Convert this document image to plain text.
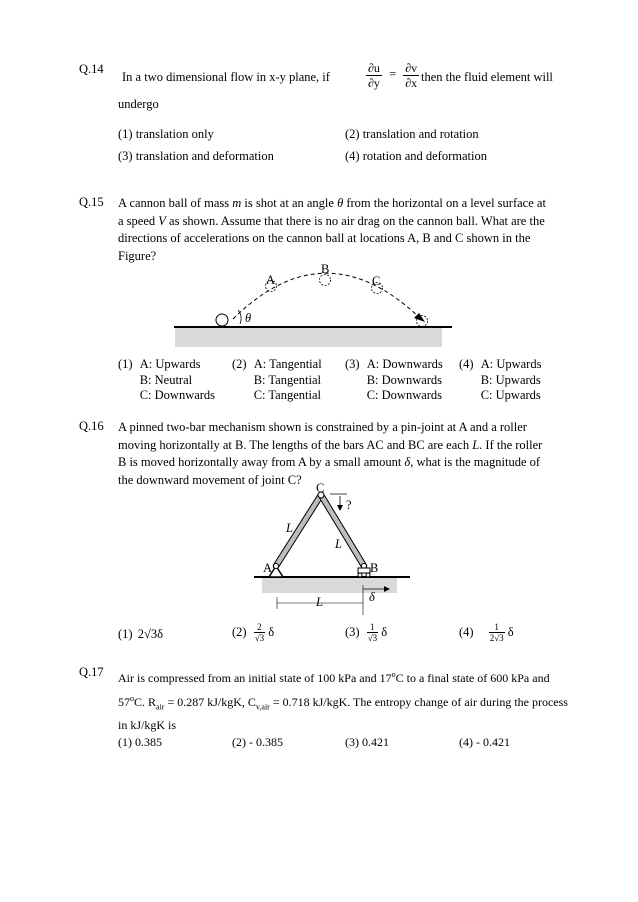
Q.14
In a two dimensional flow in x-y plane, if	$\frac{\partial u}{\partial y} = \frac{\partial v}{\partial x}$ then the fluid element will
undergo
(1) translation only	(2) translation and rotation
(3) translation and deformation	(4) rotation and deformation
Q.15 A cannon ball of mass m is shot at an angle θ from the horizontal on a level surface at
a speed V as shown. Assume that there is no air drag on the cannon ball. What are the
directions of accelerations on the cannon ball at locations A, B and C shown in the
Figure?
A
B
C
θ
(1) A: Upwards
B: Neutral
C: Downwards
(2) A: Tangential
B: Tangential
C: Tangential
(3) A: Downwards
B: Downwards
C: Downwards
(4) A: Upwards
B: Upwards
C: Upwards
Q.16 A pinned two-bar mechanism shown is constrained by a pin-joint at A and a roller
moving horizontally at B. The lengths of the bars AC and BC are each L. If the roller
B is moved horizontally away from A by a small amount δ, what is the magnitude of
the downward movement of joint C?
C
?
L
L
A	B
δ
L
(1) 2√3δ	$(2) \frac{2}{√3}$ δ	$(3) \frac{1}{√3}$ δ	$(4) \frac{1}{2√3}$ δ
Q.17 Air is compressed from an initial state of 100 kPa and 17$^o$C to a final state of 600 kPa and
57$^o$C. $R_{air} = 0.287$ kJ/kgK, $C_{v,air} = 0.718$ kJ/kgK. The entropy change of air during the process
in kJ/kgK is
(1) 0.385	(2) - 0.385	(3) 0.421	(4) - 0.421
